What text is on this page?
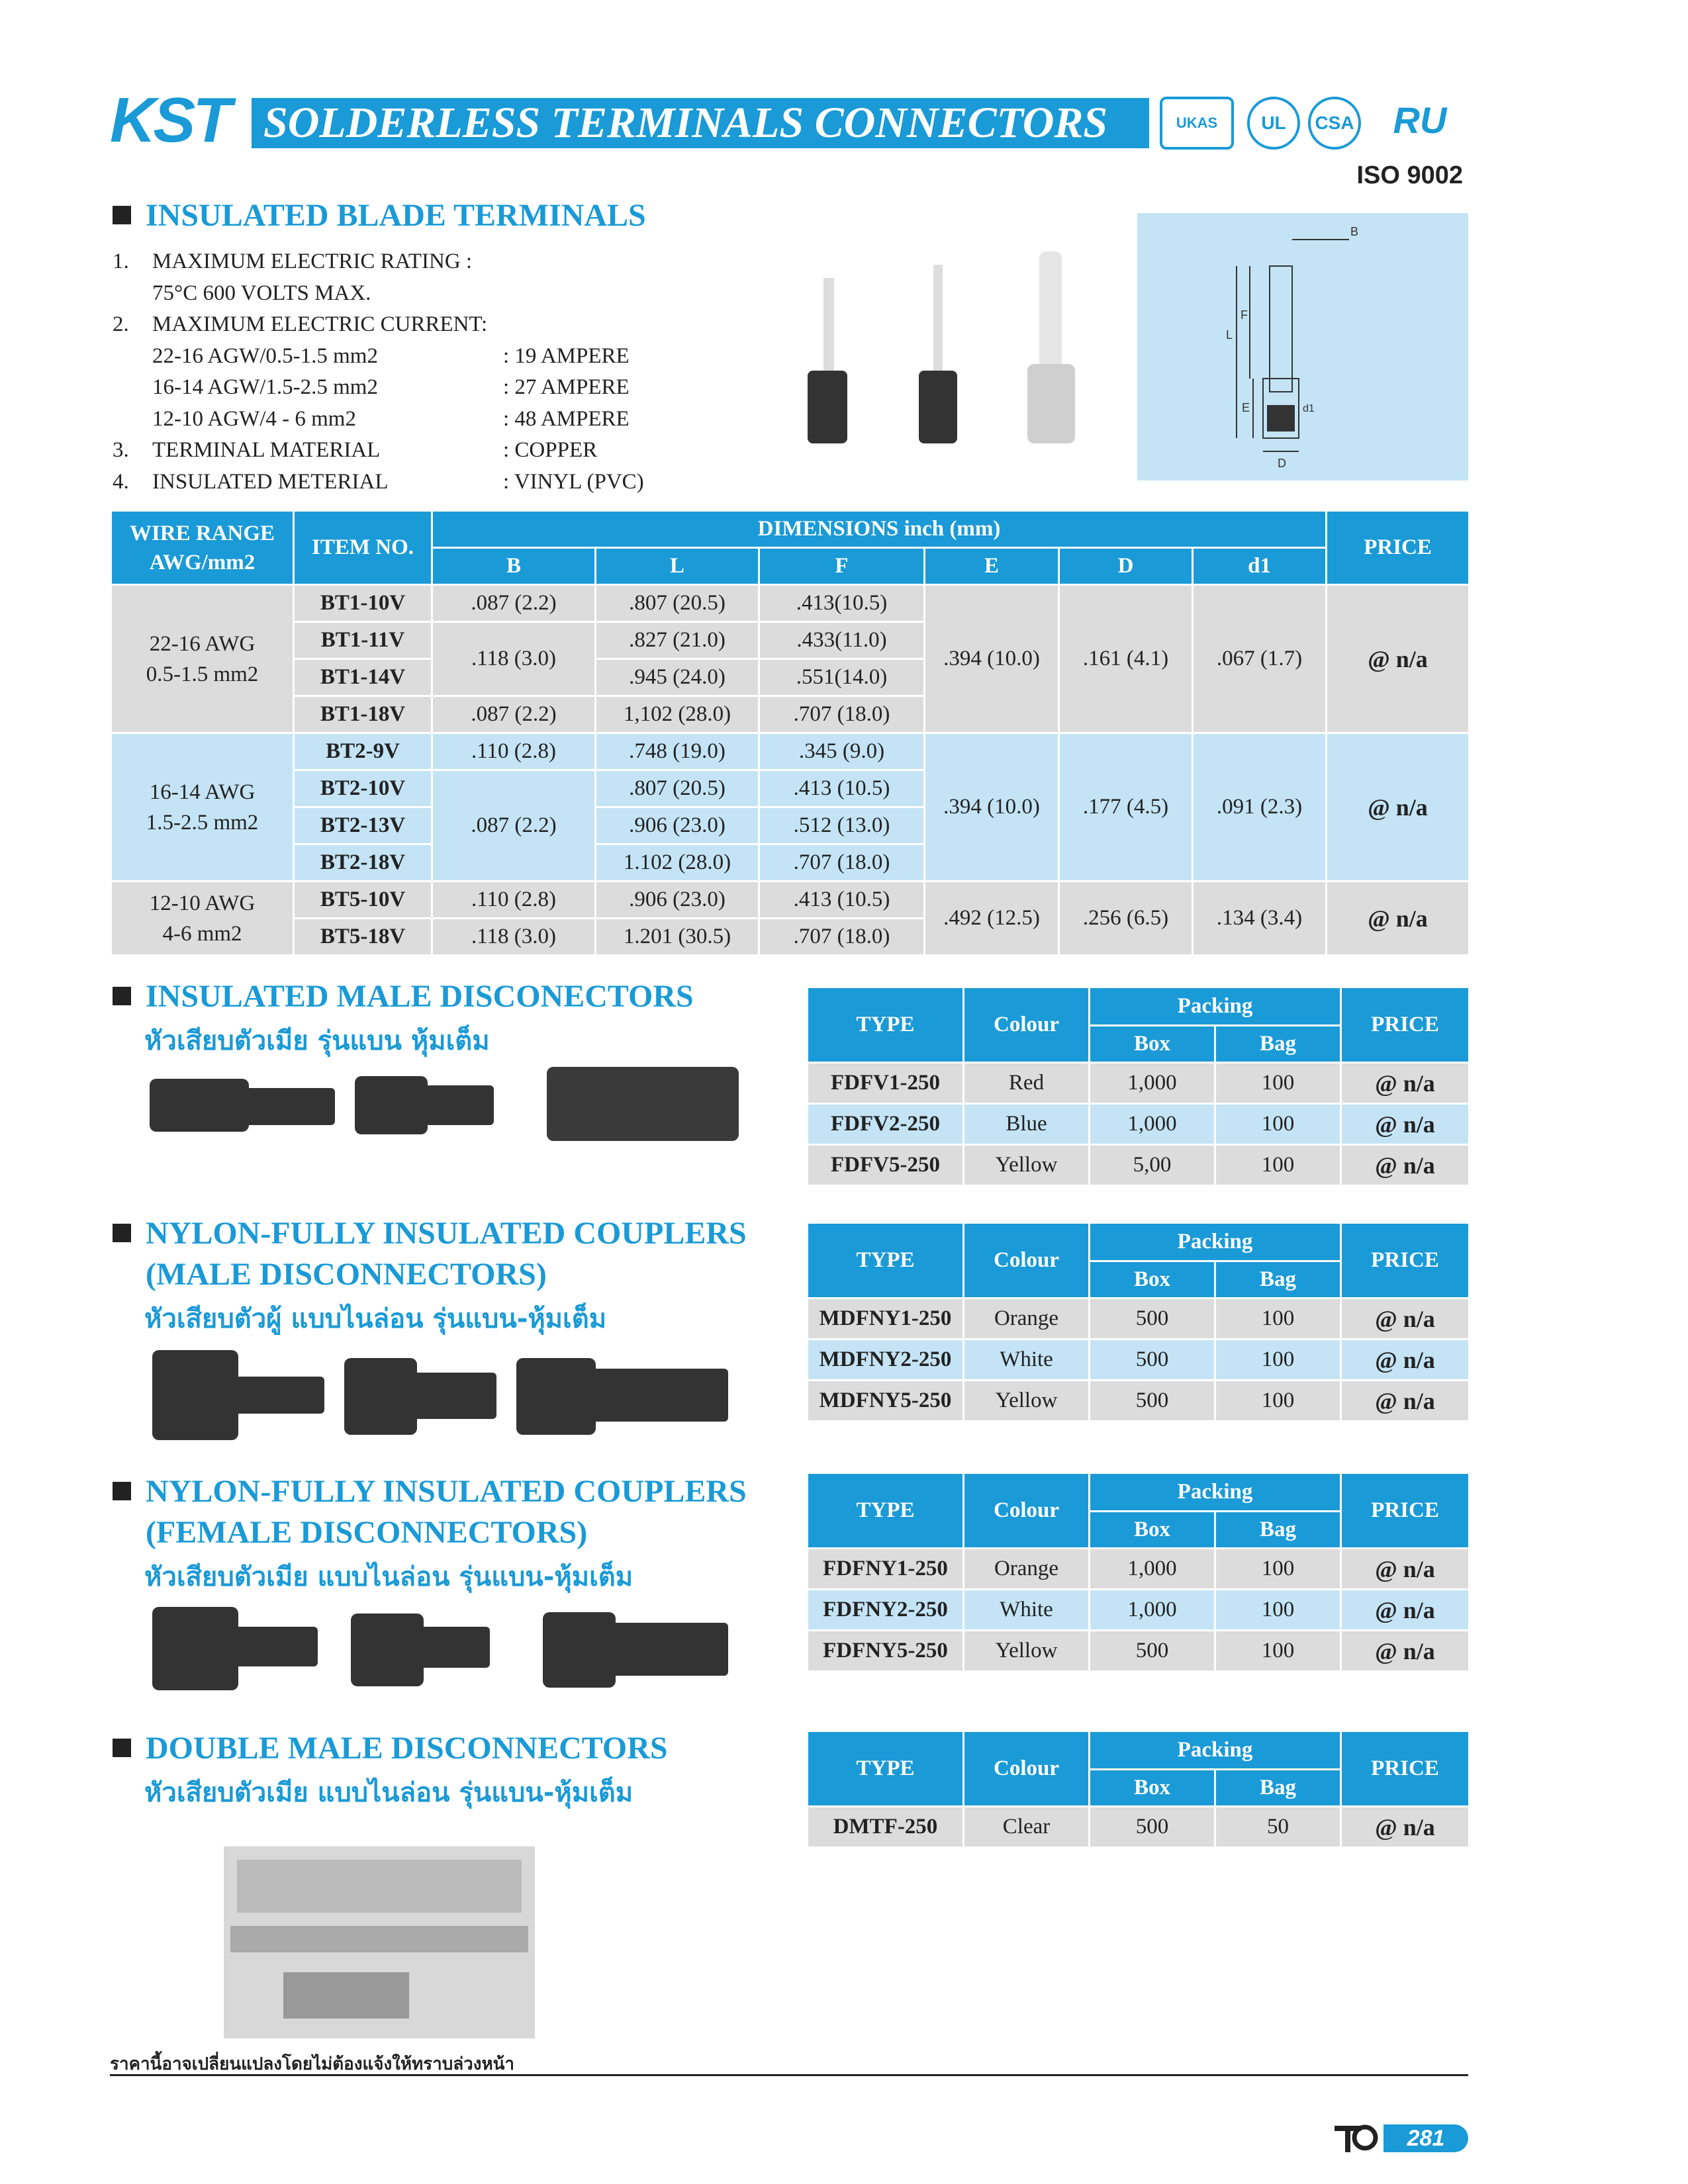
KST SOLDERLESS TERMINALS CONNECTORS	UKAS	UL	CSA	RU
ISO 9002
INSULATED BLADE TERMINALS
1. MAXIMUM ELECTRIC RATING :
75°C 600 VOLTS MAX.
2. MAXIMUM ELECTRIC CURRENT:
22-16 AGW/0.5-1.5 mm2	: 19 AMPERE
16-14 AGW/1.5-2.5 mm2	: 27 AMPERE
12-10 AGW/4 - 6 mm2	: 48 AMPERE
3. TERMINAL MATERIAL	: COPPER
4. INSULATED METERIAL	: VINYL (PVC)
B
L
F
E	d1
D
WIRE RANGE AWG/mm2	ITEM NO.	DIMENSIONS inch (mm)						PRICE
		B	L	F	E	D	d1	

22-16 AWG
0.5-1.5 mm2	BT1-10V	.087 (2.2)	.807 (20.5)	.413(10.5)	.394 (10.0)	.161 (4.1)	.067 (1.7)	@ n/a
	BT1-11V	.118 (3.0)	.827 (21.0)	.433(11.0)				
	BT1-14V		.945 (24.0)	.551(14.0)				
	BT1-18V	.087 (2.2)	1,102 (28.0)	.707 (18.0)				

16-14 AWG
1.5-2.5 mm2	BT2-9V	.110 (2.8)	.748 (19.0)	.345 (9.0)	.394 (10.0)	.177 (4.5)	.091 (2.3)	@ n/a
	BT2-10V	.087 (2.2)	.807 (20.5)	.413 (10.5)				
	BT2-13V		.906 (23.0)	.512 (13.0)				
	BT2-18V		1.102 (28.0)	.707 (18.0)				

12-10 AWG
4-6 mm2	BT5-10V	.110 (2.8)	.906 (23.0)	.413 (10.5)	.492 (12.5)	.256 (6.5)	.134 (3.4)	@ n/a
	BT5-18V	.118 (3.0)	1.201 (30.5)	.707 (18.0)				
INSULATED MALE DISCONECTORS
หัวเสียบตัวเมีย รุ่นแบน หุ้มเต็ม
TYPE	Colour	Packing		PRICE
		Box	Bag	
FDFV1-250	Red	1,000	100	@ n/a
FDFV2-250	Blue	1,000	100	@ n/a
FDFV5-250	Yellow	5,00	100	@ n/a
NYLON-FULLY INSULATED COUPLERS
(MALE DISCONNECTORS)
หัวเสียบตัวผู้ แบบไนล่อน รุ่นแบน-หุ้มเต็ม
TYPE	Colour	Packing		PRICE
		Box	Bag	
MDFNY1-250	Orange	500	100	@ n/a
MDFNY2-250	White	500	100	@ n/a
MDFNY5-250	Yellow	500	100	@ n/a
NYLON-FULLY INSULATED COUPLERS
(FEMALE DISCONNECTORS)
หัวเสียบตัวเมีย แบบไนล่อน รุ่นแบน-หุ้มเต็ม
TYPE	Colour	Packing		PRICE
		Box	Bag	
FDFNY1-250	Orange	1,000	100	@ n/a
FDFNY2-250	White	1,000	100	@ n/a
FDFNY5-250	Yellow	500	100	@ n/a
DOUBLE MALE DISCONNECTORS
หัวเสียบตัวเมีย แบบไนล่อน รุ่นแบน-หุ้มเต็ม
TYPE	Colour	Packing		PRICE
		Box	Bag	
DMTF-250	Clear	500	50	@ n/a
ราคานี้อาจเปลี่ยนแปลงโดยไม่ต้องแจ้งให้ทราบล่วงหน้า
281
